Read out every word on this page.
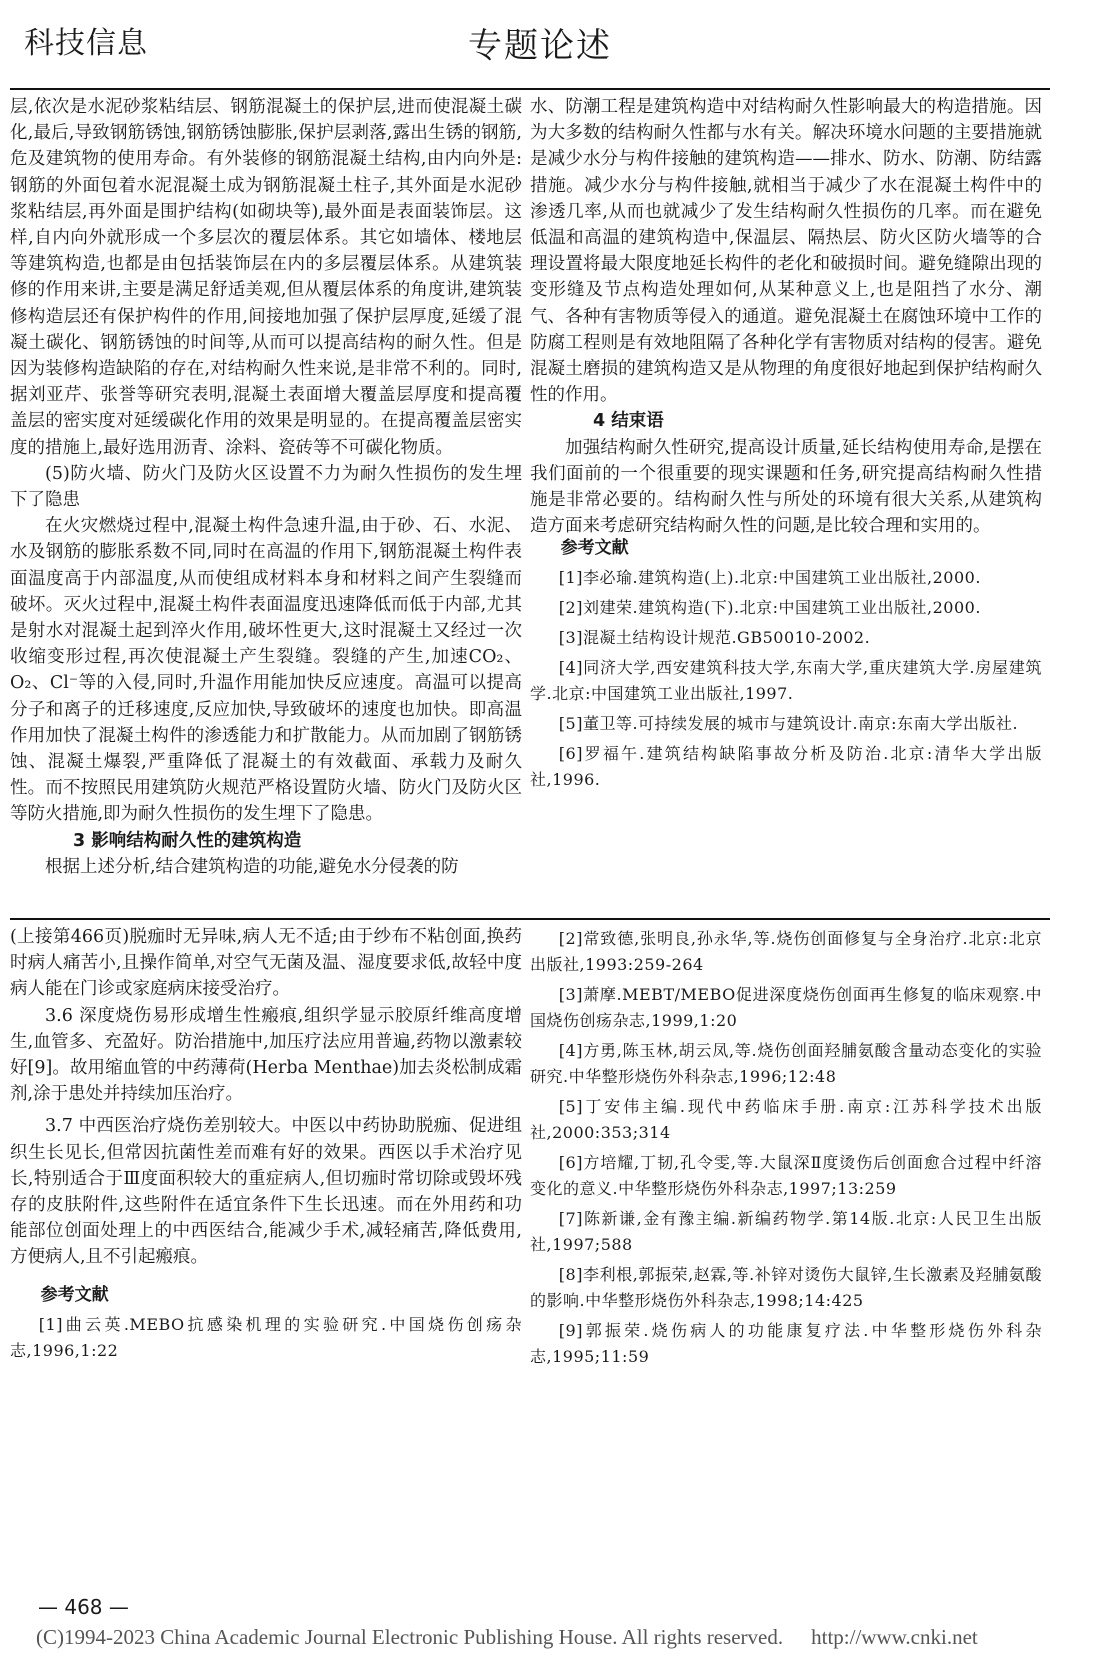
科技信息	专题论述

层,依次是水泥砂浆粘结层、钢筋混凝土的保护层,进而使混凝土碳化,最后,导致钢筋锈蚀,钢筋锈蚀膨胀,保护层剥落,露出生锈的钢筋,危及建筑物的使用寿命。有外装修的钢筋混凝土结构,由内向外是:钢筋的外面包着水泥混凝土成为钢筋混凝土柱子,其外面是水泥砂浆粘结层,再外面是围护结构(如砌块等),最外面是表面装饰层。这样,自内向外就形成一个多层次的覆层体系。其它如墙体、楼地层等建筑构造,也都是由包括装饰层在内的多层覆层体系。从建筑装修的作用来讲,主要是满足舒适美观,但从覆层体系的角度讲,建筑装修构造层还有保护构件的作用,间接地加强了保护层厚度,延缓了混凝土碳化、钢筋锈蚀的时间等,从而可以提高结构的耐久性。但是因为装修构造缺陷的存在,对结构耐久性来说,是非常不利的。同时,据刘亚芹、张誉等研究表明,混凝土表面增大覆盖层厚度和提高覆盖层的密实度对延缓碳化作用的效果是明显的。在提高覆盖层密实度的措施上,最好选用沥青、涂料、瓷砖等不可碳化物质。

(5)防火墙、防火门及防火区设置不力为耐久性损伤的发生埋下了隐患

在火灾燃烧过程中,混凝土构件急速升温,由于砂、石、水泥、水及钢筋的膨胀系数不同,同时在高温的作用下,钢筋混凝土构件表面温度高于内部温度,从而使组成材料本身和材料之间产生裂缝而破坏。灭火过程中,混凝土构件表面温度迅速降低而低于内部,尤其是射水对混凝土起到淬火作用,破坏性更大,这时混凝土又经过一次收缩变形过程,再次使混凝土产生裂缝。裂缝的产生,加速CO₂、O₂、Cl⁻等的入侵,同时,升温作用能加快反应速度。高温可以提高分子和离子的迁移速度,反应加快,导致破坏的速度也加快。即高温作用加快了混凝土构件的渗透能力和扩散能力。从而加剧了钢筋锈蚀、混凝土爆裂,严重降低了混凝土的有效截面、承载力及耐久性。而不按照民用建筑防火规范严格设置防火墙、防火门及防火区等防火措施,即为耐久性损伤的发生埋下了隐患。

3 影响结构耐久性的建筑构造

根据上述分析,结合建筑构造的功能,避免水分侵袭的防

水、防潮工程是建筑构造中对结构耐久性影响最大的构造措施。因为大多数的结构耐久性都与水有关。解决环境水问题的主要措施就是减少水分与构件接触的建筑构造——排水、防水、防潮、防结露措施。减少水分与构件接触,就相当于减少了水在混凝土构件中的渗透几率,从而也就减少了发生结构耐久性损伤的几率。而在避免低温和高温的建筑构造中,保温层、隔热层、防火区防火墙等的合理设置将最大限度地延长构件的老化和破损时间。避免缝隙出现的变形缝及节点构造处理如何,从某种意义上,也是阻挡了水分、潮气、各种有害物质等侵入的通道。避免混凝土在腐蚀环境中工作的防腐工程则是有效地阻隔了各种化学有害物质对结构的侵害。避免混凝土磨损的建筑构造又是从物理的角度很好地起到保护结构耐久性的作用。

4 结束语

加强结构耐久性研究,提高设计质量,延长结构使用寿命,是摆在我们面前的一个很重要的现实课题和任务,研究提高结构耐久性措施是非常必要的。结构耐久性与所处的环境有很大关系,从建筑构造方面来考虑研究结构耐久性的问题,是比较合理和实用的。

参考文献

[1]李必瑜.建筑构造(上).北京:中国建筑工业出版社,2000.

[2]刘建荣.建筑构造(下).北京:中国建筑工业出版社,2000.

[3]混凝土结构设计规范.GB50010-2002.

[4]同济大学,西安建筑科技大学,东南大学,重庆建筑大学.房屋建筑学.北京:中国建筑工业出版社,1997.

[5]董卫等.可持续发展的城市与建筑设计.南京:东南大学出版社.

[6]罗福午.建筑结构缺陷事故分析及防治.北京:清华大学出版社,1996.

(上接第466页)脱痂时无异味,病人无不适;由于纱布不粘创面,换药时病人痛苦小,且操作简单,对空气无菌及温、湿度要求低,故轻中度病人能在门诊或家庭病床接受治疗。

3.6 深度烧伤易形成增生性瘢痕,组织学显示胶原纤维高度增生,血管多、充盈好。防治措施中,加压疗法应用普遍,药物以激素较好[9]。故用缩血管的中药薄荷(Herba Menthae)加去炎松制成霜剂,涂于患处并持续加压治疗。

3.7 中西医治疗烧伤差别较大。中医以中药协助脱痂、促进组织生长见长,但常因抗菌性差而难有好的效果。西医以手术治疗见长,特别适合于Ⅲ度面积较大的重症病人,但切痂时常切除或毁坏残存的皮肤附件,这些附件在适宜条件下生长迅速。而在外用药和功能部位创面处理上的中西医结合,能减少手术,减轻痛苦,降低费用,方便病人,且不引起瘢痕。

参考文献

[1]曲云英.MEBO抗感染机理的实验研究.中国烧伤创疡杂志,1996,1:22

[2]常致德,张明良,孙永华,等.烧伤创面修复与全身治疗.北京:北京出版社,1993:259-264

[3]萧摩.MEBT/MEBO促进深度烧伤创面再生修复的临床观察.中国烧伤创疡杂志,1999,1:20

[4]方勇,陈玉林,胡云凤,等.烧伤创面羟脯氨酸含量动态变化的实验研究.中华整形烧伤外科杂志,1996;12:48

[5]丁安伟主编.现代中药临床手册.南京:江苏科学技术出版社,2000:353;314

[6]方培耀,丁韧,孔令雯,等.大鼠深Ⅱ度烫伤后创面愈合过程中纤溶变化的意义.中华整形烧伤外科杂志,1997;13:259

[7]陈新谦,金有豫主编.新编药物学.第14版.北京:人民卫生出版社,1997;588

[8]李利根,郭振荣,赵霖,等.补锌对烫伤大鼠锌,生长激素及羟脯氨酸的影响.中华整形烧伤外科杂志,1998;14:425

[9]郭振荣.烧伤病人的功能康复疗法.中华整形烧伤外科杂志,1995;11:59

— 468 —
(C)1994-2023 China Academic Journal Electronic Publishing House. All rights reserved. http://www.cnki.net
